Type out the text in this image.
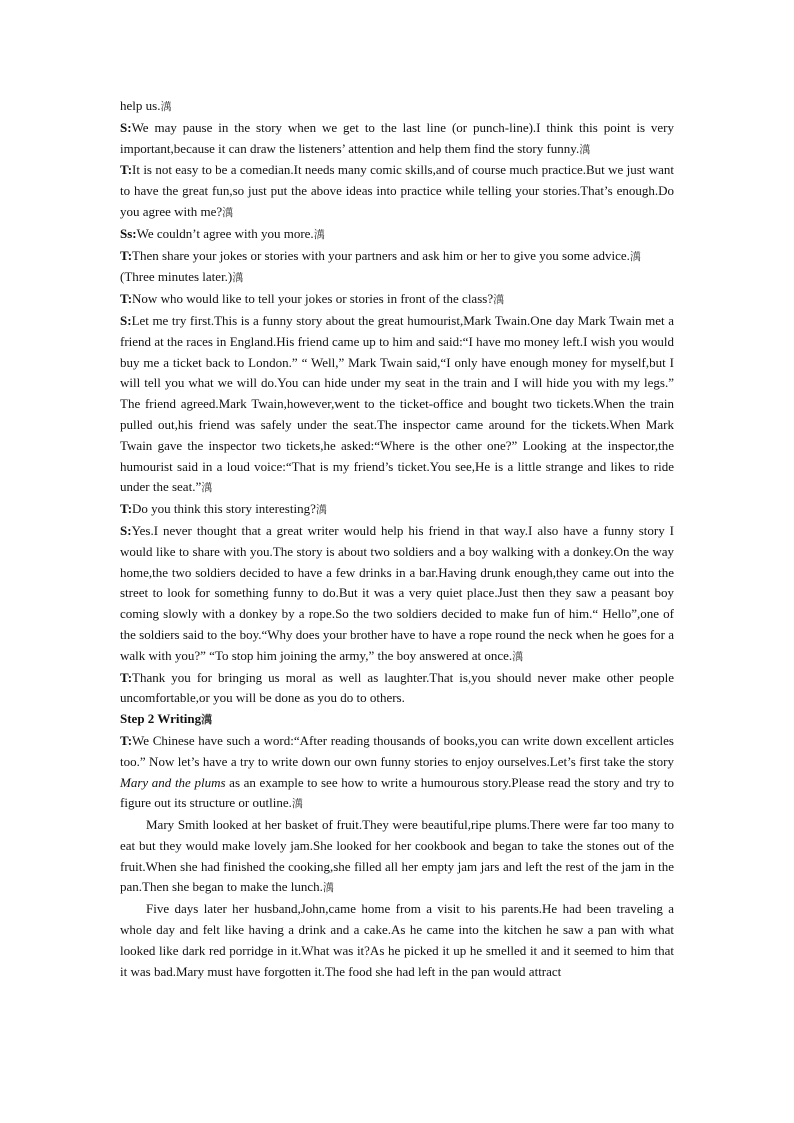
help us.澫

S:We may pause in the story when we get to the last line (or punch-line).I think this point is very important,because it can draw the listeners’ attention and help them find the story funny.澫

T:It is not easy to be a comedian.It needs many comic skills,and of course much practice.But we just want to have the great fun,so just put the above ideas into practice while telling your stories.That’s enough.Do you agree with me?澫

Ss:We couldn’t agree with you more.澫

T:Then share your jokes or stories with your partners and ask him or her to give you some advice.澫

(Three minutes later.)澫

T:Now who would like to tell your jokes or stories in front of the class?澫

S:Let me try first.This is a funny story about the great humourist,Mark Twain.One day Mark Twain met a friend at the races in England.His friend came up to him and said:“I have mo money left.I wish you would buy me a ticket back to London.” “ Well,” Mark Twain said,“I only have enough money for myself,but I will tell you what we will do.You can hide under my seat in the train and I will hide you with my legs.” The friend agreed.Mark Twain,however,went to the ticket-office and bought two tickets.When the train pulled out,his friend was safely under the seat.The inspector came around for the tickets.When Mark Twain gave the inspector two tickets,he asked:“Where is the other one?” Looking at the inspector,the humourist said in a loud voice:“That is my friend’s ticket.You see,He is a little strange and likes to ride under the seat.”澫

T:Do you think this story interesting?澫

S:Yes.I never thought that a great writer would help his friend in that way.I also have a funny story I would like to share with you.The story is about two soldiers and a boy walking with a donkey.On the way home,the two soldiers decided to have a few drinks in a bar.Having drunk enough,they came out into the street to look for something funny to do.But it was a very quiet place.Just then they saw a peasant boy coming slowly with a donkey by a rope.So the two soldiers decided to make fun of him.“ Hello”,one of the soldiers said to the boy.“Why does your brother have to have a rope round the neck when he goes for a walk with you?” “To stop him joining the army,” the boy answered at once.澫

T:Thank you for bringing us moral as well as laughter.That is,you should never make other people uncomfortable,or you will be done as you do to others.

Step 2 Writing澫

T:We Chinese have such a word:“After reading thousands of books,you can write down excellent articles too.” Now let’s have a try to write down our own funny stories to enjoy ourselves.Let’s first take the story Mary and the plums as an example to see how to write a humourous story.Please read the story and try to figure out its structure or outline.澫

Mary Smith looked at her basket of fruit.They were beautiful,ripe plums.There were far too many to eat but they would make lovely jam.She looked for her cookbook and began to take the stones out of the fruit.When she had finished the cooking,she filled all her empty jam jars and left the rest of the jam in the pan.Then she began to make the lunch.澫

Five days later her husband,John,came home from a visit to his parents.He had been traveling a whole day and felt like having a drink and a cake.As he came into the kitchen he saw a pan with what looked like dark red porridge in it.What was it?As he picked it up he smelled it and it seemed to him that it was bad.Mary must have forgotten it.The food she had left in the pan would attract
